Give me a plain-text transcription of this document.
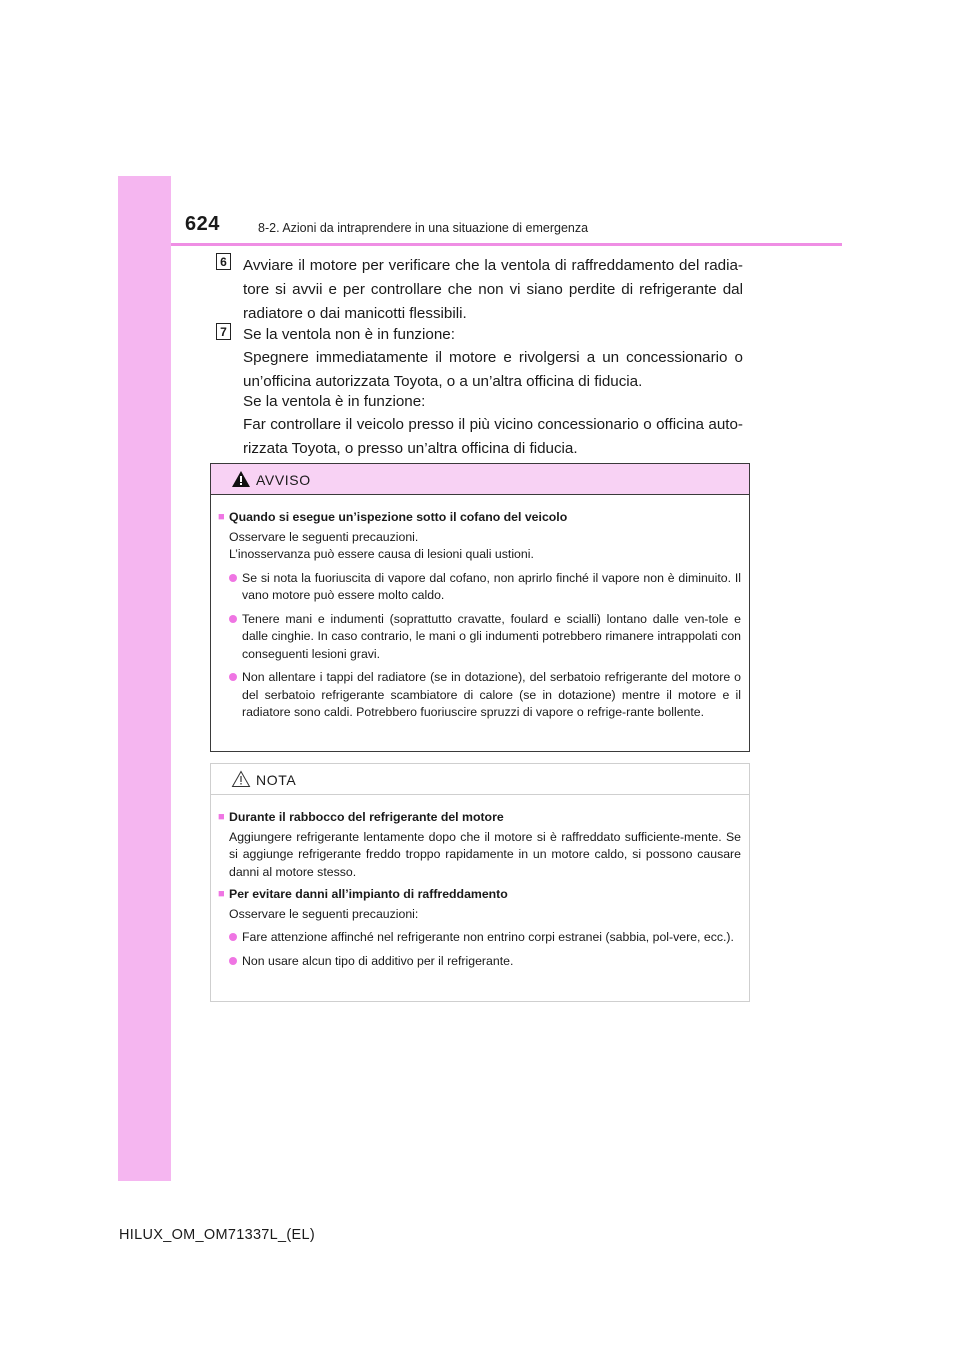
624	8-2. Azioni da intraprendere in una situazione di emergenza
6 Avviare il motore per verificare che la ventola di raffreddamento del radia-tore si avvii e per controllare che non vi siano perdite di refrigerante dal radiatore o dai manicotti flessibili.

7 Se la ventola non è in funzione:

Spegnere immediatamente il motore e rivolgersi a un concessionario o un’officina autorizzata Toyota, o a un’altra officina di fiducia.

Se la ventola è in funzione:

Far controllare il veicolo presso il più vicino concessionario o officina auto-rizzata Toyota, o presso un’altra officina di fiducia.

AVVISO

■ Quando si esegue un’ispezione sotto il cofano del veicolo

Osservare le seguenti precauzioni.
L’inosservanza può essere causa di lesioni quali ustioni.
Se si nota la fuoriuscita di vapore dal cofano, non aprirlo finché il vapore non è diminuito. Il vano motore può essere molto caldo.
Tenere mani e indumenti (soprattutto cravatte, foulard e scialli) lontano dalle ven-tole e dalle cinghie. In caso contrario, le mani o gli indumenti potrebbero rimanere intrappolati con conseguenti lesioni gravi.
Non allentare i tappi del radiatore (se in dotazione), del serbatoio refrigerante del motore o del serbatoio refrigerante scambiatore di calore (se in dotazione) mentre il motore e il radiatore sono caldi. Potrebbero fuoriuscire spruzzi di vapore o refrige-rante bollente.
NOTA

■ Durante il rabbocco del refrigerante del motore

Aggiungere refrigerante lentamente dopo che il motore si è raffreddato sufficiente-mente. Se si aggiunge refrigerante freddo troppo rapidamente in un motore caldo, si possono causare danni al motore stesso.

■ Per evitare danni all’impianto di raffreddamento

Osservare le seguenti precauzioni:
Fare attenzione affinché nel refrigerante non entrino corpi estranei (sabbia, pol-vere, ecc.).
Non usare alcun tipo di additivo per il refrigerante.
HILUX_OM_OM71337L_(EL)
